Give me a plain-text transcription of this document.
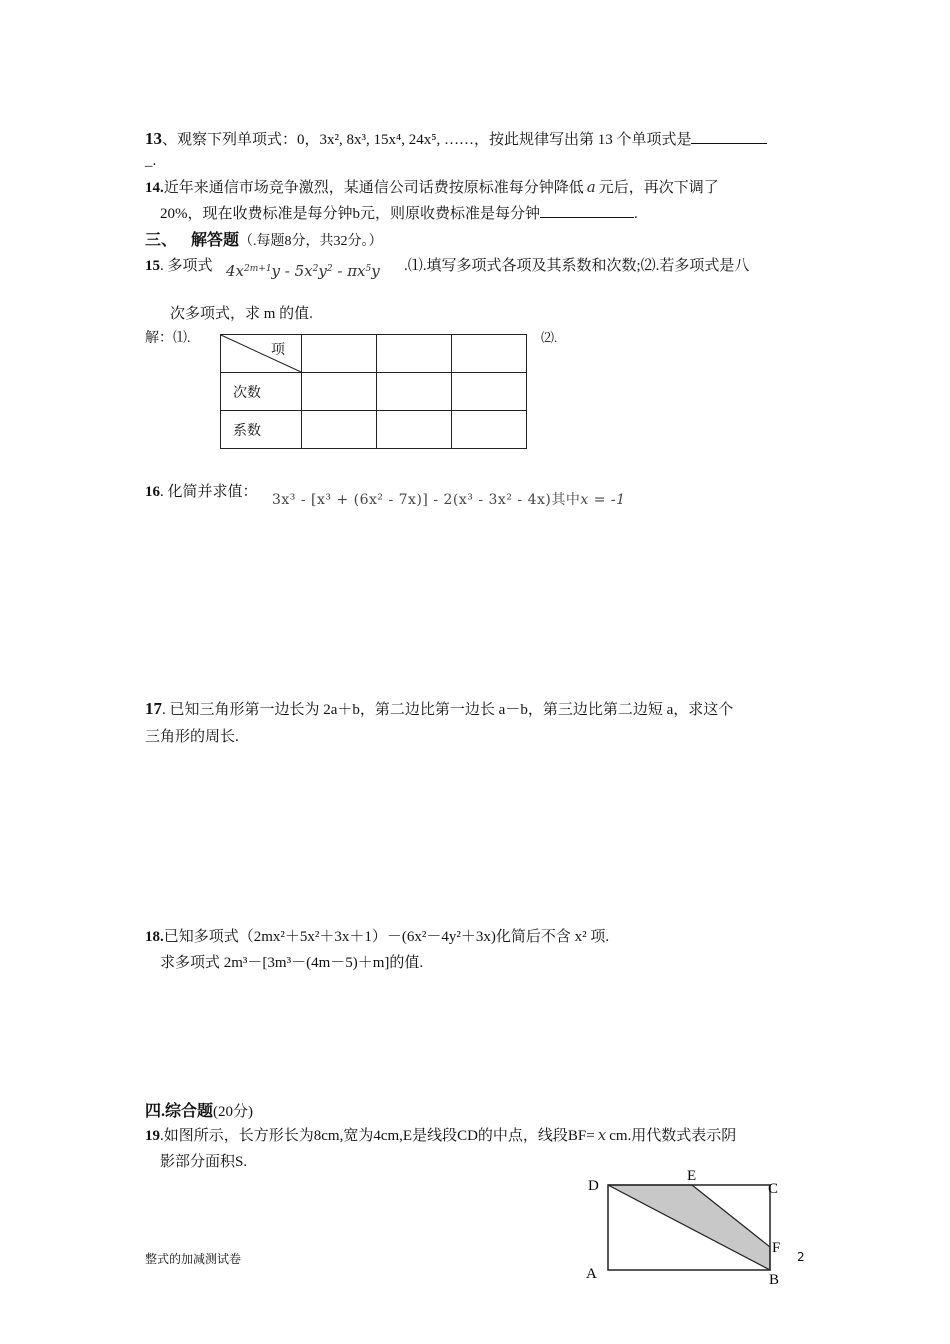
13、观察下列单项式：0，3x², 8x³, 15x⁴, 24x⁵, ……，按此规律写出第 13 个单项式是
_.
14.近年来通信市场竞争激烈，某通信公司话费按原标准每分钟降低 a 元后，再次下调了
20%，现在收费标准是每分钟b元，则原收费标准是每分钟	.
三、 解答题（.每题8分，共32分。）
15. 多项式 $4x^{2m+1}y - 5x^2y^2 - \pi x^5y$ .⑴.填写多项式各项及其系数和次数;⑵.若多项式是八
次多项式，求 m 的值.
解：⑴.	⑵.
项			

次数			
系数			
16. 化简并求值： 3x³ - [x³ + (6x² - 7x)] - 2(x³ - 3x² - 4x)其中x = -1
17. 已知三角形第一边长为 2a＋b，第二边比第一边长 a－b，第三边比第二边短 a，求这个
三角形的周长.
18.已知多项式（2mx²＋5x²＋3x＋1）－(6x²－4y²＋3x)化简后不含 x² 项.
求多项式 2m³－[3m³－(4m－5)＋m]的值.
四.综合题(20分)
19.如图所示，长方形长为8cm,宽为4cm,E是线段CD的中点，线段BF= x cm.用代数式表示阴
影部分面积S.
D
E
C
F
A	B
整式的加减测试卷	2
